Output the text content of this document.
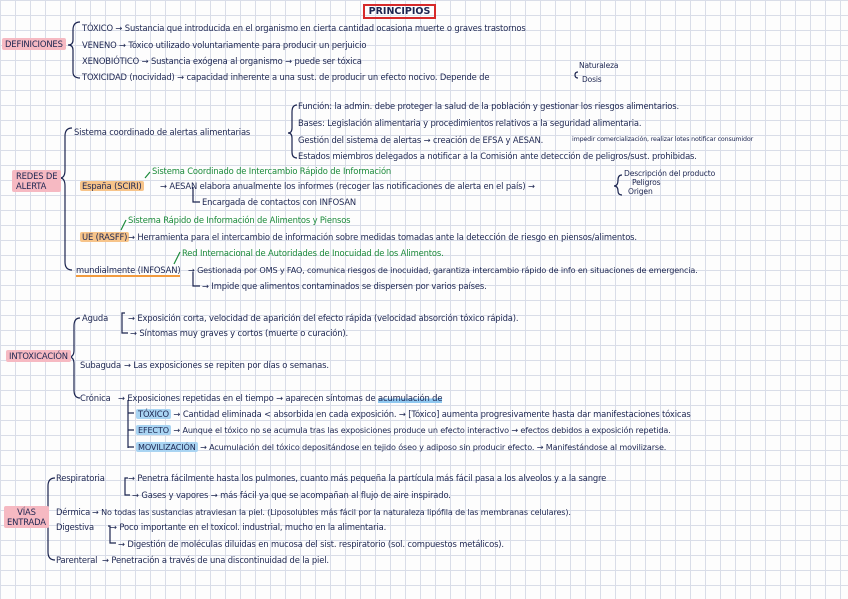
PRINCIPIOS
DEFINICIONES
TÓXICO → Sustancia que introducida en el organismo en cierta cantidad ocasiona muerte o graves trastornos
VENENO → Tóxico utilizado voluntariamente para producir un perjuicio
XENOBIÓTICO → Sustancia exógena al organismo → puede ser tóxica
TOXICIDAD (nocividad) → capacidad inherente a una sust. de producir un efecto nocivo. Depende de
Naturaleza
Dosis
REDES DE
ALERTA
Sistema coordinado de alertas alimentarias
Función: la admin. debe proteger la salud de la población y gestionar los riesgos alimentarios.
Bases: Legislación alimentaria y procedimientos relativos a la seguridad alimentaria.
Gestión del sistema de alertas → creación de EFSA y AESAN.	impedir comercialización, realizar lotes notificar consumidor
Estados miembros delegados a notificar a la Comisión ante detección de peligros/sust. prohibidas.
Sistema Coordinado de Intercambio Rápido de Información
España (SCIRI) → AESAN elabora anualmente los informes (recoger las notificaciones de alerta en el país) →
Descripción del producto
Peligros
Origen
Encargada de contactos con INFOSAN
Sistema Rápido de Información de Alimentos y Piensos
UE (RASFF) → Herramienta para el intercambio de información sobre medidas tomadas ante la detección de riesgo en piensos/alimentos.
Red Internacional de Autoridades de Inocuidad de los Alimentos.
mundialmente (INFOSAN) → Gestionada por OMS y FAO, comunica riesgos de inocuidad, garantiza intercambio rápido de info en situaciones de emergencia.
→ Impide que alimentos contaminados se dispersen por varios países.
INTOXICACIÓN
Aguda → Exposición corta, velocidad de aparición del efecto rápida (velocidad absorción tóxico rápida).
→ Síntomas muy graves y cortos (muerte o curación).
Subaguda → Las exposiciones se repiten por días o semanas.
Crónica → Exposiciones repetidas en el tiempo → aparecen síntomas de acumulación de
TÓXICO → Cantidad eliminada < absorbida en cada exposición. → [Tóxico] aumenta progresivamente hasta dar manifestaciones tóxicas
EFECTO → Aunque el tóxico no se acumula tras las exposiciones produce un efecto interactivo → efectos debidos a exposición repetida.
MOVILIZACIÓN → Acumulación del tóxico depositándose en tejido óseo y adiposo sin producir efecto. → Manifestándose al movilizarse.
VÍAS
ENTRADA
Respiratoria	→ Penetra fácilmente hasta los pulmones, cuanto más pequeña la partícula más fácil pasa a los alveolos y a la sangre
→ Gases y vapores → más fácil ya que se acompañan al flujo de aire inspirado.
Dérmica → No todas las sustancias atraviesan la piel. (Liposolubles más fácil por la naturaleza lipófila de las membranas celulares).
Digestiva → Poco importante en el toxicol. industrial, mucho en la alimentaria.
→ Digestión de moléculas diluidas en mucosa del sist. respiratorio (sol. compuestos metálicos).
Parenteral → Penetración a través de una discontinuidad de la piel.
